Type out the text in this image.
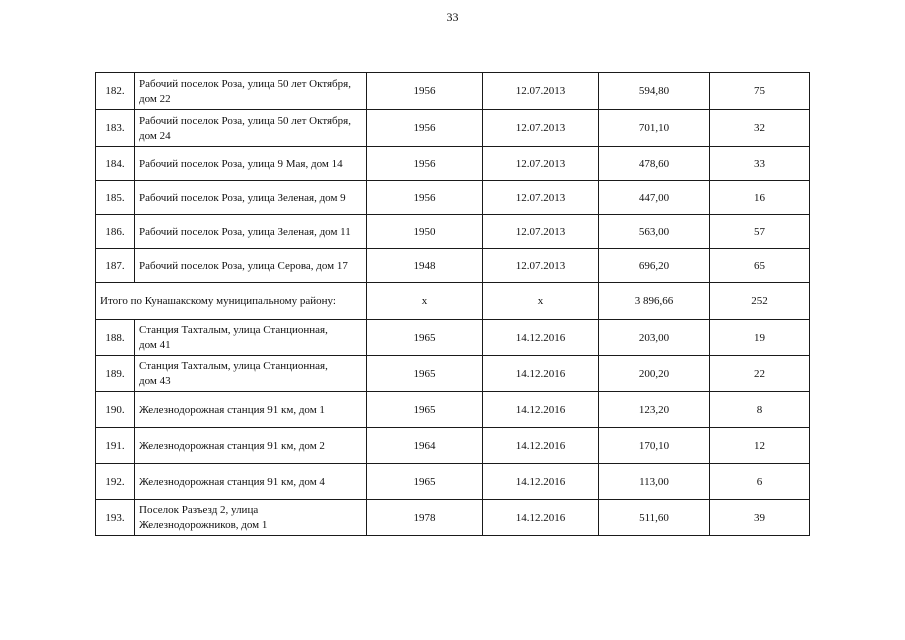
33
182.	Рабочий поселок Роза, улица 50 лет Октября,
дом 22	1956	12.07.2013	594,80	75
183.	Рабочий поселок Роза, улица 50 лет Октября,
дом 24	1956	12.07.2013	701,10	32
184.	Рабочий поселок Роза, улица 9 Мая, дом 14	1956	12.07.2013	478,60	33
185.	Рабочий поселок Роза, улица Зеленая, дом 9	1956	12.07.2013	447,00	16
186.	Рабочий поселок Роза, улица Зеленая, дом 11	1950	12.07.2013	563,00	57
187.	Рабочий поселок Роза, улица Серова, дом 17	1948	12.07.2013	696,20	65
Итого по Кунашакскому муниципальному району:		х	х	3 896,66	252
188.	Станция Тахталым, улица Станционная,
дом 41	1965	14.12.2016	203,00	19
189.	Станция Тахталым, улица Станционная,
дом 43	1965	14.12.2016	200,20	22
190.	Железнодорожная станция 91 км, дом 1	1965	14.12.2016	123,20	8
191.	Железнодорожная станция 91 км, дом 2	1964	14.12.2016	170,10	12
192.	Железнодорожная станция 91 км, дом 4	1965	14.12.2016	113,00	6
193.	Поселок Разъезд 2, улица
Железнодорожников, дом 1	1978	14.12.2016	511,60	39
